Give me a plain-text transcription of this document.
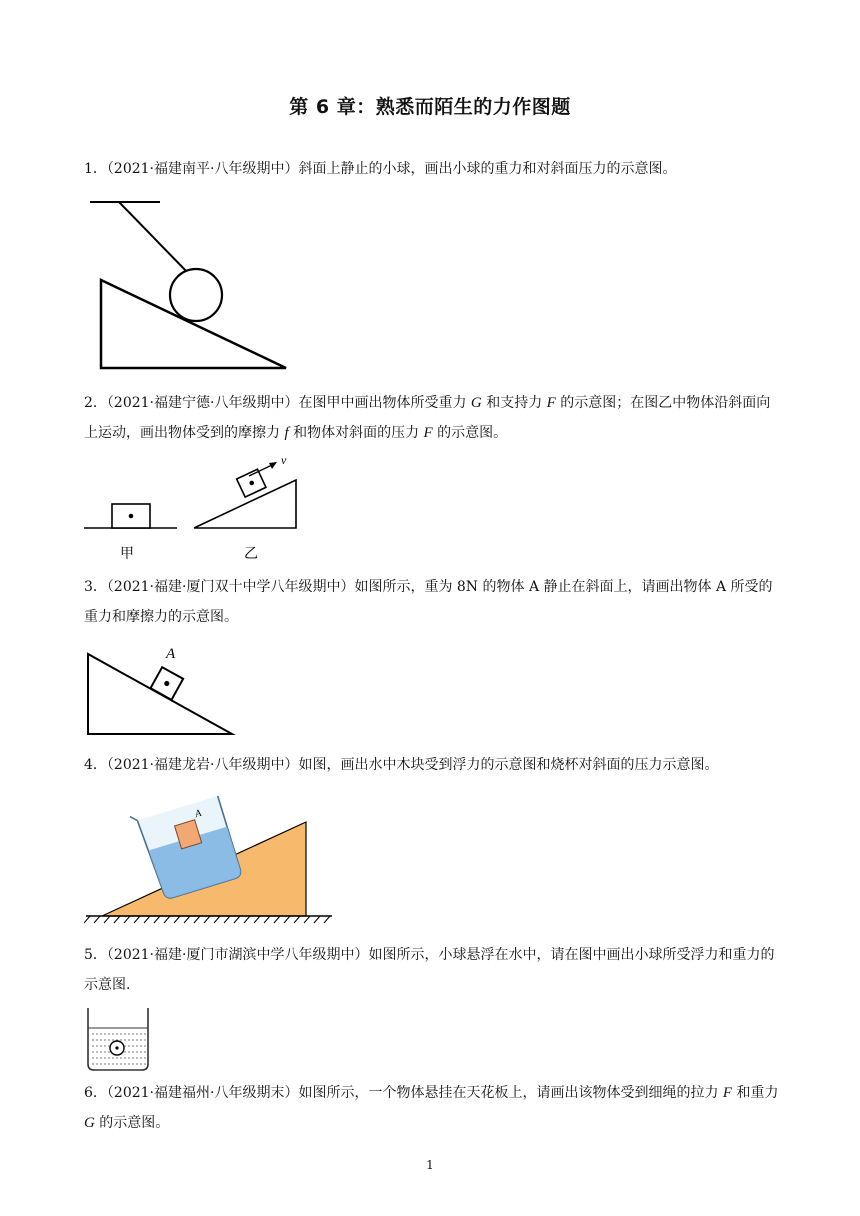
第 6 章：熟悉而陌生的力作图题
1．（2021·福建南平·八年级期中）斜面上静止的小球，画出小球的重力和对斜面压力的示意图。
2．（2021·福建宁德·八年级期中）在图甲中画出物体所受重力 G 和支持力 F 的示意图；在图乙中物体沿斜面向上运动，画出物体受到的摩擦力 f 和物体对斜面的压力 F 的示意图。
甲
v
乙
3．（2021·福建·厦门双十中学八年级期中）如图所示，重为 8N 的物体 A 静止在斜面上，请画出物体 A 所受的重力和摩擦力的示意图。
A
4．（2021·福建龙岩·八年级期中）如图，画出水中木块受到浮力的示意图和烧杯对斜面的压力示意图。
A
5．（2021·福建·厦门市湖滨中学八年级期中）如图所示，小球悬浮在水中，请在图中画出小球所受浮力和重力的示意图.
6．（2021·福建福州·八年级期末）如图所示，一个物体悬挂在天花板上，请画出该物体受到细绳的拉力 F 和重力 G 的示意图。
1
